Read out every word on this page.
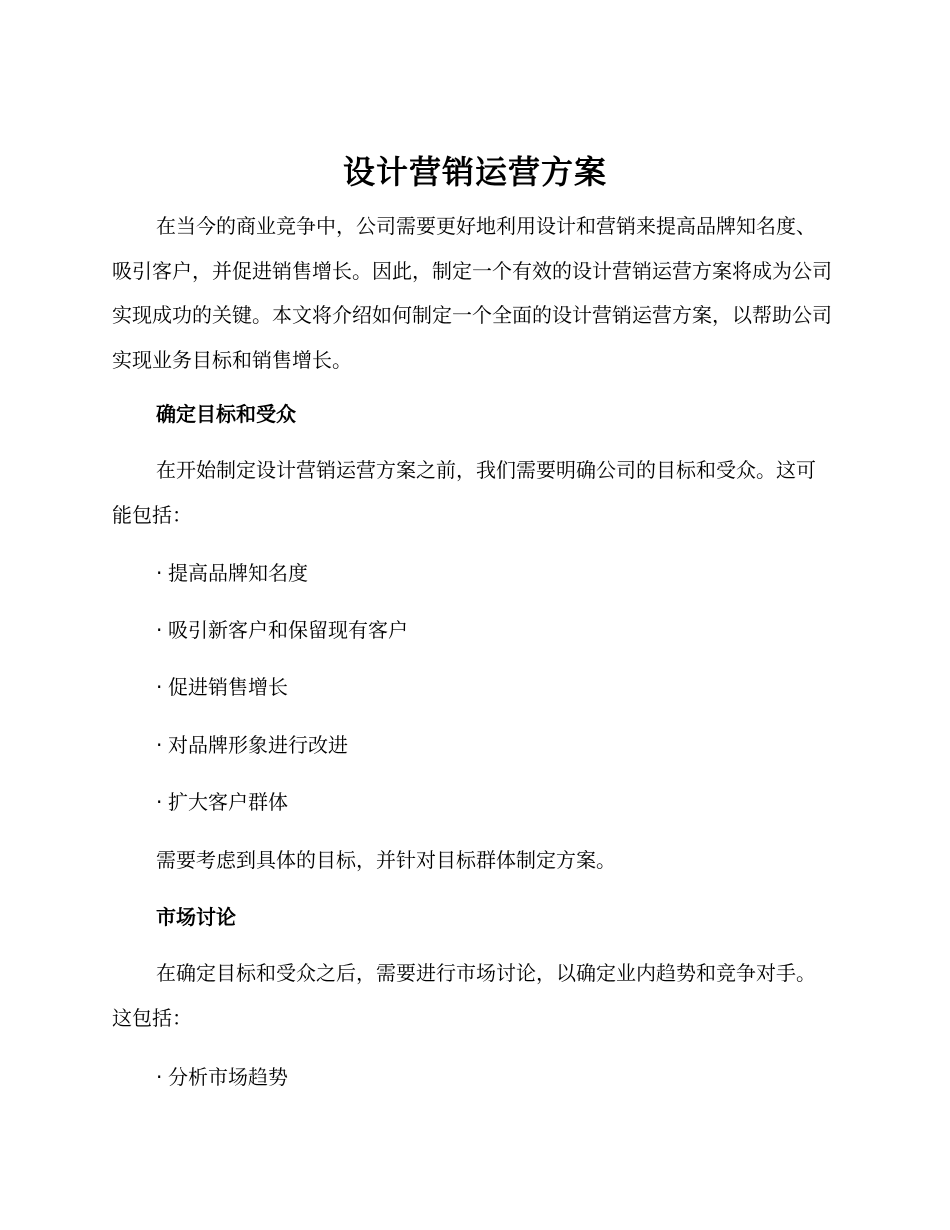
设计营销运营方案

在当今的商业竞争中，公司需要更好地利用设计和营销来提高品牌知名度、吸引客户，并促进销售增长。因此，制定一个有效的设计营销运营方案将成为公司实现成功的关键。本文将介绍如何制定一个全面的设计营销运营方案，以帮助公司实现业务目标和销售增长。

确定目标和受众

在开始制定设计营销运营方案之前，我们需要明确公司的目标和受众。这可能包括：

· 提高品牌知名度

· 吸引新客户和保留现有客户

· 促进销售增长

· 对品牌形象进行改进

· 扩大客户群体

需要考虑到具体的目标，并针对目标群体制定方案。

市场讨论

在确定目标和受众之后，需要进行市场讨论，以确定业内趋势和竞争对手。这包括：

· 分析市场趋势
